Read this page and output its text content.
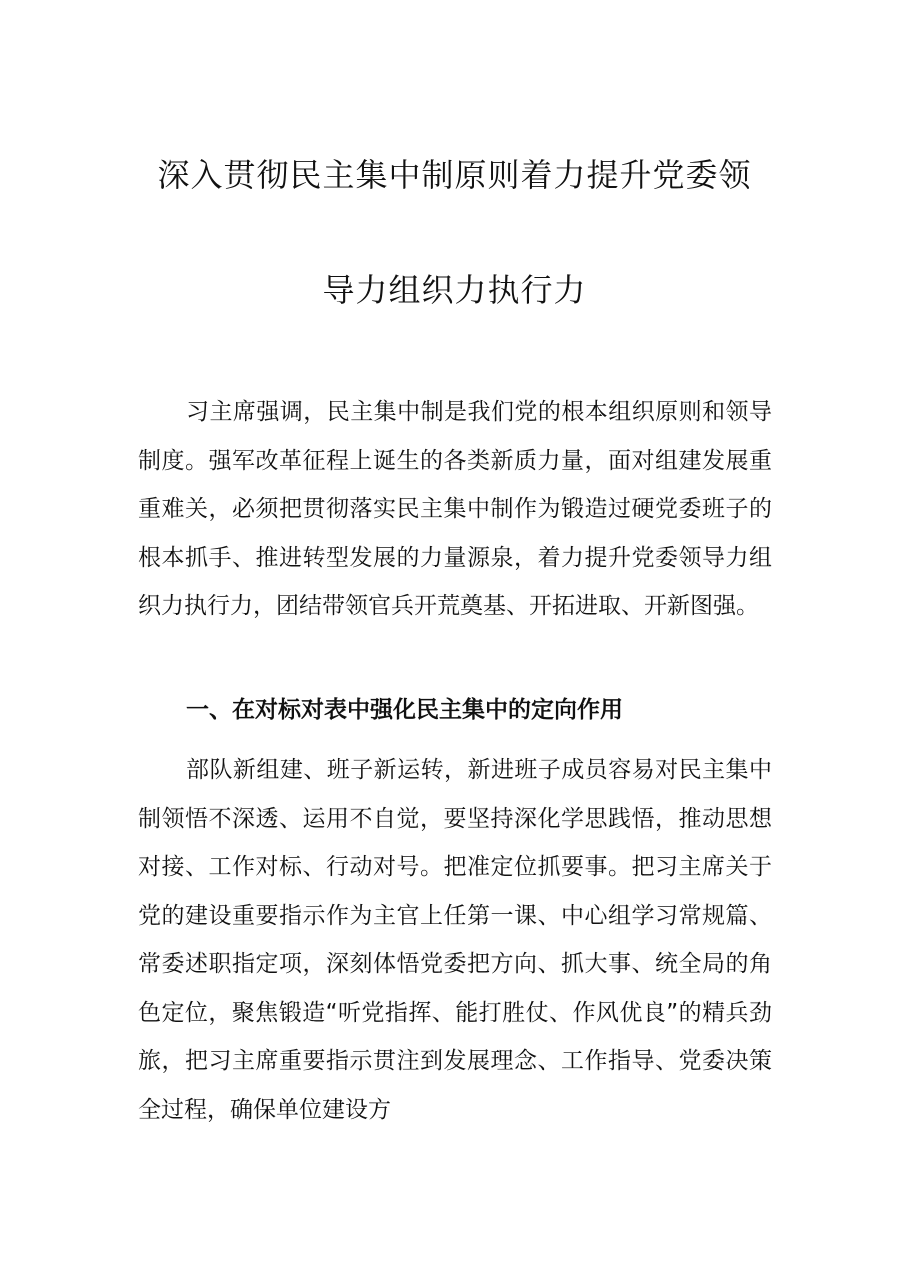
深入贯彻民主集中制原则着力提升党委领
导力组织力执行力

习主席强调，民主集中制是我们党的根本组织原则和领导制度。强军改革征程上诞生的各类新质力量，面对组建发展重重难关，必须把贯彻落实民主集中制作为锻造过硬党委班子的根本抓手、推进转型发展的力量源泉，着力提升党委领导力组织力执行力，团结带领官兵开荒奠基、开拓进取、开新图强。

一、在对标对表中强化民主集中的定向作用

部队新组建、班子新运转，新进班子成员容易对民主集中制领悟不深透、运用不自觉，要坚持深化学思践悟，推动思想对接、工作对标、行动对号。把准定位抓要事。把习主席关于党的建设重要指示作为主官上任第一课、中心组学习常规篇、常委述职指定项，深刻体悟党委把方向、抓大事、统全局的角色定位，聚焦锻造“听党指挥、能打胜仗、作风优良”的精兵劲旅，把习主席重要指示贯注到发展理念、工作指导、党委决策全过程，确保单位建设方
